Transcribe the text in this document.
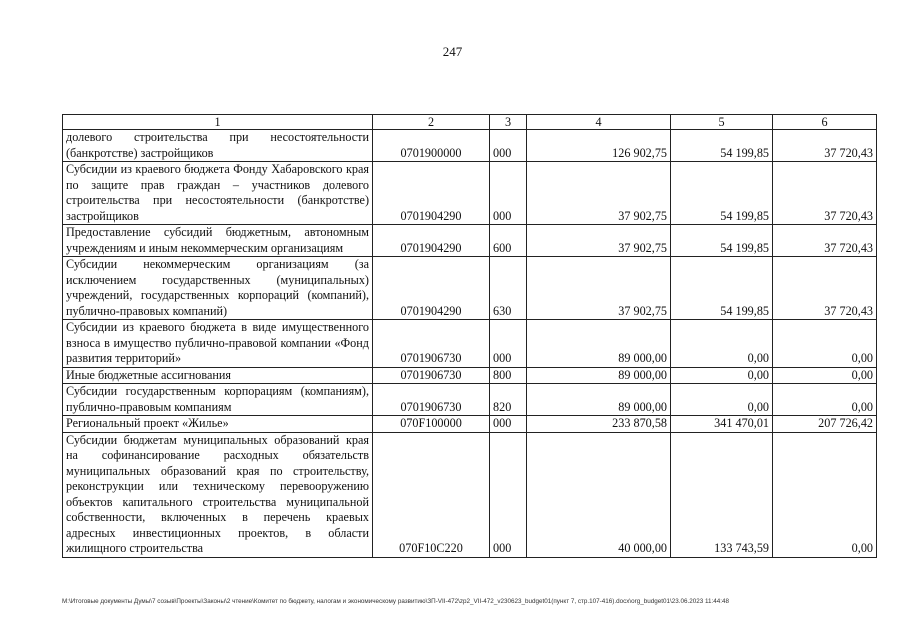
247
1	2	3	4	5	6
долевого строительства при несостоятельности (банкротстве) застройщиков	0701900000	000	126 902,75	54 199,85	37 720,43
Субсидии из краевого бюджета Фонду Хабаровского края по защите прав граждан – участников долевого строительства при несостоятельности (банкротстве) застройщиков	0701904290	000	37 902,75	54 199,85	37 720,43
Предоставление субсидий бюджетным, автономным учреждениям и иным некоммерческим организациям	0701904290	600	37 902,75	54 199,85	37 720,43
Субсидии некоммерческим организациям (за исключением государственных (муниципальных) учреждений, государственных корпораций (компаний), публично-правовых компаний)	0701904290	630	37 902,75	54 199,85	37 720,43
Субсидии из краевого бюджета в виде имущественного взноса в имущество публично-правовой компании «Фонд развития территорий»	0701906730	000	89 000,00	0,00	0,00
Иные бюджетные ассигнования	0701906730	800	89 000,00	0,00	0,00
Субсидии государственным корпорациям (компаниям), публично-правовым компаниям	0701906730	820	89 000,00	0,00	0,00
Региональный проект «Жилье»	070F100000	000	233 870,58	341 470,01	207 726,42
Субсидии бюджетам муниципальных образований края на софинансирование расходных обязательств муниципальных образований края по строительству, реконструкции или техническому перевооружению объектов капитального строительства муниципальной собственности, включенных в перечень краевых адресных инвестиционных проектов, в области жилищного строительства	070F10С220	000	40 000,00	133 743,59	0,00
M:\Итоговые документы Думы\7 созыв\Проекты\Законы\2 чтение\Комитет по бюджету, налогам и экономическому развитию\ЗП-VII-472\zp2_VII-472_v230623_budget01(пункт 7, стр.107-416).docx\org_budget01\23.06.2023 11:44:48
